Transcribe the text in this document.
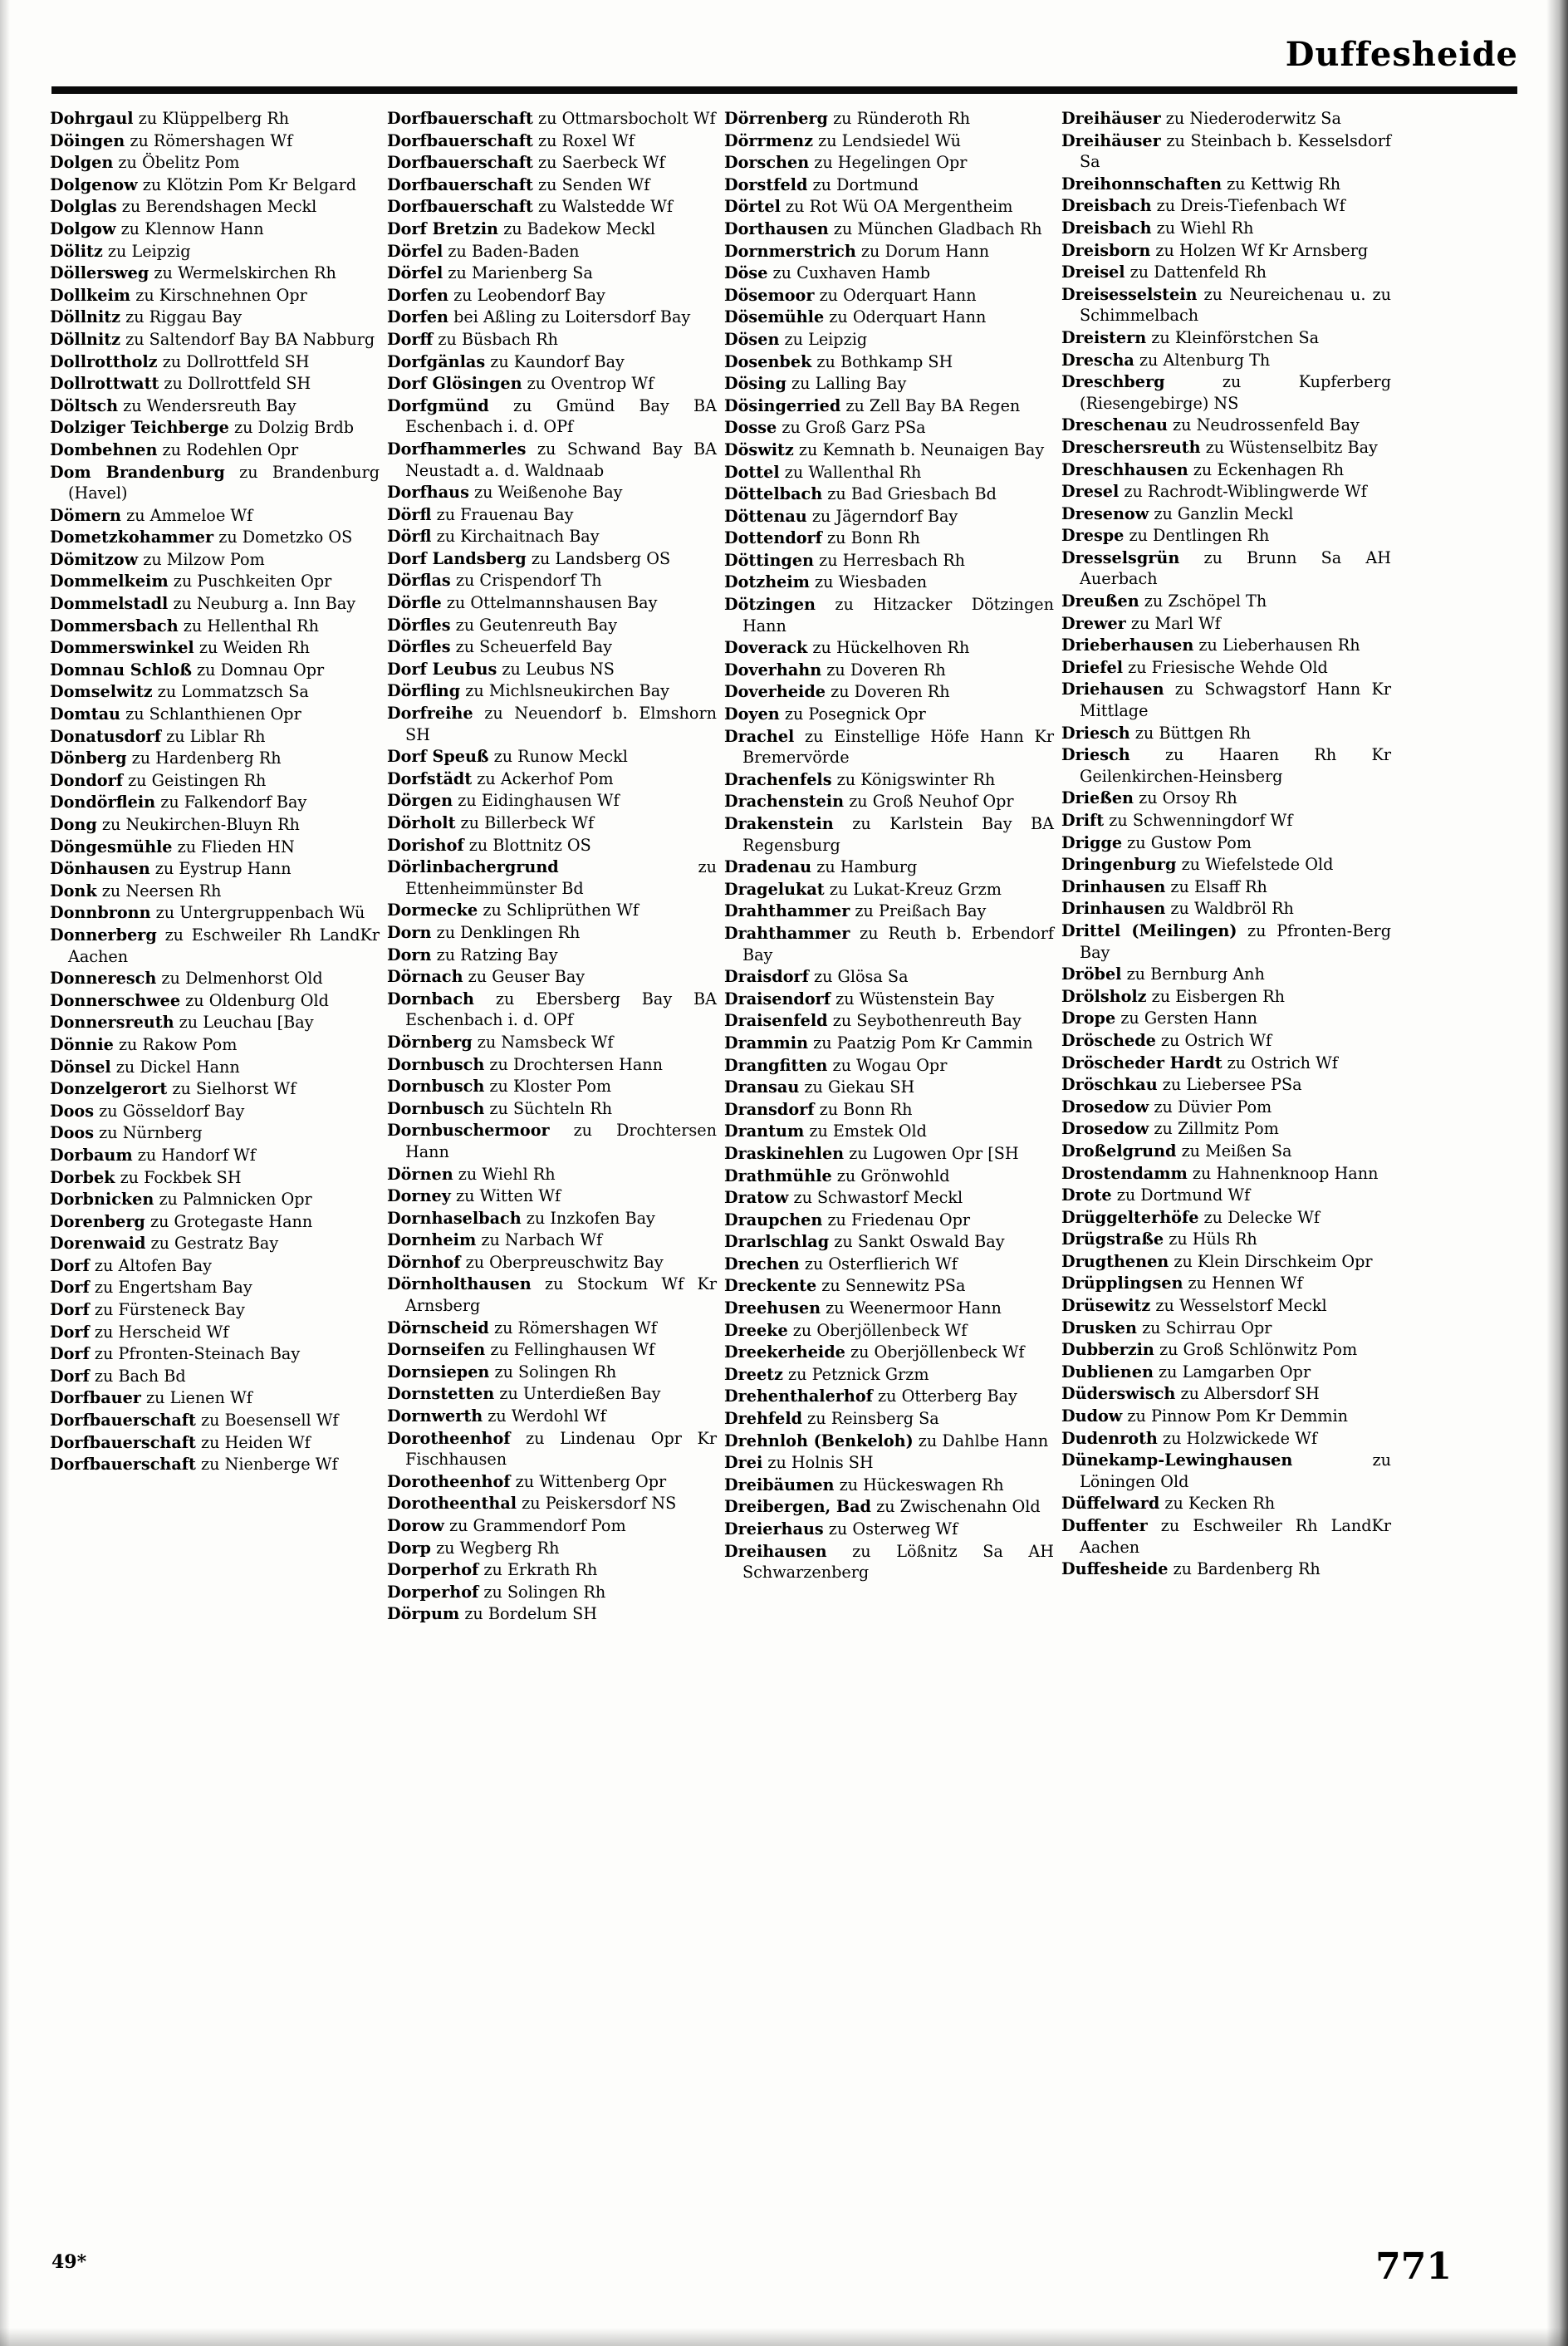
Duffesheide

Dohrgaul zu Klüppelberg Rh

Döingen zu Römershagen Wf

Dolgen zu Öbelitz Pom

Dolgenow zu Klötzin Pom Kr Belgard

Dolglas zu Berendshagen Meckl

Dolgow zu Klennow Hann

Dölitz zu Leipzig

Döllersweg zu Wermelskirchen Rh

Dollkeim zu Kirschnehnen Opr

Döllnitz zu Riggau Bay

Döllnitz zu Saltendorf Bay BA Nabburg

Dollrottholz zu Dollrottfeld SH

Dollrottwatt zu Dollrottfeld SH

Döltsch zu Wendersreuth Bay

Dolziger Teichberge zu Dolzig Brdb

Dombehnen zu Rodehlen Opr

Dom Brandenburg zu Brandenburg (Havel)

Dömern zu Ammeloe Wf

Dometzkohammer zu Dometzko OS

Dömitzow zu Milzow Pom

Dommelkeim zu Puschkeiten Opr

Dommelstadl zu Neuburg a. Inn Bay

Dommersbach zu Hellenthal Rh

Dommerswinkel zu Weiden Rh

Domnau Schloß zu Domnau Opr

Domselwitz zu Lommatzsch Sa

Domtau zu Schlanthienen Opr

Donatusdorf zu Liblar Rh

Dönberg zu Hardenberg Rh

Dondorf zu Geistingen Rh

Dondörflein zu Falkendorf Bay

Dong zu Neukirchen-Bluyn Rh

Döngesmühle zu Flieden HN

Dönhausen zu Eystrup Hann

Donk zu Neersen Rh

Donnbronn zu Untergruppenbach Wü

Donnerberg zu Eschweiler Rh LandKr Aachen

Donneresch zu Delmenhorst Old

Donnerschwee zu Oldenburg Old

Donnersreuth zu Leuchau [Bay

Dönnie zu Rakow Pom

Dönsel zu Dickel Hann

Donzelgerort zu Sielhorst Wf

Doos zu Gösseldorf Bay

Doos zu Nürnberg

Dorbaum zu Handorf Wf

Dorbek zu Fockbek SH

Dorbnicken zu Palmnicken Opr

Dorenberg zu Grotegaste Hann

Dorenwaid zu Gestratz Bay

Dorf zu Altofen Bay

Dorf zu Engertsham Bay

Dorf zu Fürsteneck Bay

Dorf zu Herscheid Wf

Dorf zu Pfronten-Steinach Bay

Dorf zu Bach Bd

Dorfbauer zu Lienen Wf

Dorfbauerschaft zu Boesensell Wf

Dorfbauerschaft zu Heiden Wf

Dorfbauerschaft zu Nienberge Wf

Dorfbauerschaft zu Ottmarsbocholt Wf

Dorfbauerschaft zu Roxel Wf

Dorfbauerschaft zu Saerbeck Wf

Dorfbauerschaft zu Senden Wf

Dorfbauerschaft zu Walstedde Wf

Dorf Bretzin zu Badekow Meckl

Dörfel zu Baden-Baden

Dörfel zu Marienberg Sa

Dorfen zu Leobendorf Bay

Dorfen bei Aßling zu Loitersdorf Bay

Dorff zu Büsbach Rh

Dorfgänlas zu Kaundorf Bay

Dorf Glösingen zu Oventrop Wf

Dorfgmünd zu Gmünd Bay BA Eschenbach i. d. OPf

Dorfhammerles zu Schwand Bay BA Neustadt a. d. Waldnaab

Dorfhaus zu Weißenohe Bay

Dörfl zu Frauenau Bay

Dörfl zu Kirchaitnach Bay

Dorf Landsberg zu Landsberg OS

Dörflas zu Crispendorf Th

Dörfle zu Ottelmannshausen Bay

Dörfles zu Geutenreuth Bay

Dörfles zu Scheuerfeld Bay

Dorf Leubus zu Leubus NS

Dörfling zu Michlsneukirchen Bay

Dorfreihe zu Neuendorf b. Elmshorn SH

Dorf Speuß zu Runow Meckl

Dorfstädt zu Ackerhof Pom

Dörgen zu Eidinghausen Wf

Dörholt zu Billerbeck Wf

Dorishof zu Blottnitz OS

Dörlinbachergrund zu Ettenheimmünster Bd

Dormecke zu Schliprüthen Wf

Dorn zu Denklingen Rh

Dorn zu Ratzing Bay

Dörnach zu Geuser Bay

Dornbach zu Ebersberg Bay BA Eschenbach i. d. OPf

Dörnberg zu Namsbeck Wf

Dornbusch zu Drochtersen Hann

Dornbusch zu Kloster Pom

Dornbusch zu Süchteln Rh

Dornbuschermoor zu Drochtersen Hann

Dörnen zu Wiehl Rh

Dorney zu Witten Wf

Dornhaselbach zu Inzkofen Bay

Dornheim zu Narbach Wf

Dörnhof zu Oberpreuschwitz Bay

Dörnholthausen zu Stockum Wf Kr Arnsberg

Dörnscheid zu Römershagen Wf

Dornseifen zu Fellinghausen Wf

Dornsiepen zu Solingen Rh

Dornstetten zu Unterdießen Bay

Dornwerth zu Werdohl Wf

Dorotheenhof zu Lindenau Opr Kr Fischhausen

Dorotheenhof zu Wittenberg Opr

Dorotheenthal zu Peiskersdorf NS

Dorow zu Grammendorf Pom

Dorp zu Wegberg Rh

Dorperhof zu Erkrath Rh

Dorperhof zu Solingen Rh

Dörpum zu Bordelum SH

Dörrenberg zu Ründeroth Rh

Dörrmenz zu Lendsiedel Wü

Dorschen zu Hegelingen Opr

Dorstfeld zu Dortmund

Dörtel zu Rot Wü OA Mergentheim

Dorthausen zu München Gladbach Rh

Dornmerstrich zu Dorum Hann

Döse zu Cuxhaven Hamb

Dösemoor zu Oderquart Hann

Dösemühle zu Oderquart Hann

Dösen zu Leipzig

Dosenbek zu Bothkamp SH

Dösing zu Lalling Bay

Dösingerried zu Zell Bay BA Regen

Dosse zu Groß Garz PSa

Döswitz zu Kemnath b. Neunaigen Bay

Dottel zu Wallenthal Rh

Döttelbach zu Bad Griesbach Bd

Döttenau zu Jägerndorf Bay

Dottendorf zu Bonn Rh

Döttingen zu Herresbach Rh

Dotzheim zu Wiesbaden

Dötzingen zu Hitzacker Dötzingen Hann

Doverack zu Hückelhoven Rh

Doverhahn zu Doveren Rh

Doverheide zu Doveren Rh

Doyen zu Posegnick Opr

Drachel zu Einstellige Höfe Hann Kr Bremervörde

Drachenfels zu Königswinter Rh

Drachenstein zu Groß Neuhof Opr

Drakenstein zu Karlstein Bay BA Regensburg

Dradenau zu Hamburg

Dragelukat zu Lukat-Kreuz Grzm

Drahthammer zu Preißach Bay

Drahthammer zu Reuth b. Erbendorf Bay

Draisdorf zu Glösa Sa

Draisendorf zu Wüstenstein Bay

Draisenfeld zu Seybothenreuth Bay

Drammin zu Paatzig Pom Kr Cammin

Drangfitten zu Wogau Opr

Dransau zu Giekau SH

Dransdorf zu Bonn Rh

Drantum zu Emstek Old

Draskinehlen zu Lugowen Opr [SH

Drathmühle zu Grönwohld

Dratow zu Schwastorf Meckl

Draupchen zu Friedenau Opr

Drarlschlag zu Sankt Oswald Bay

Drechen zu Osterflierich Wf

Dreckente zu Sennewitz PSa

Dreehusen zu Weenermoor Hann

Dreeke zu Oberjöllenbeck Wf

Dreekerheide zu Oberjöllenbeck Wf

Dreetz zu Petznick Grzm

Drehenthalerhof zu Otterberg Bay

Drehfeld zu Reinsberg Sa

Drehnloh (Benkeloh) zu Dahlbe Hann

Drei zu Holnis SH

Dreibäumen zu Hückeswagen Rh

Dreibergen, Bad zu Zwischenahn Old

Dreierhaus zu Osterweg Wf

Dreihausen zu Lößnitz Sa AH Schwarzenberg

Dreihäuser zu Niederoderwitz Sa

Dreihäuser zu Steinbach b. Kesselsdorf Sa

Dreihonnschaften zu Kettwig Rh

Dreisbach zu Dreis-Tiefenbach Wf

Dreisbach zu Wiehl Rh

Dreisborn zu Holzen Wf Kr Arnsberg

Dreisel zu Dattenfeld Rh

Dreisesselstein zu Neureichenau u. zu Schimmelbach

Dreistern zu Kleinförstchen Sa

Drescha zu Altenburg Th

Dreschberg zu Kupferberg (Riesengebirge) NS

Dreschenau zu Neudrossenfeld Bay

Dreschersreuth zu Wüstenselbitz Bay

Dreschhausen zu Eckenhagen Rh

Dresel zu Rachrodt-Wiblingwerde Wf

Dresenow zu Ganzlin Meckl

Drespe zu Dentlingen Rh

Dresselsgrün zu Brunn Sa AH Auerbach

Dreußen zu Zschöpel Th

Drewer zu Marl Wf

Drieberhausen zu Lieberhausen Rh

Driefel zu Friesische Wehde Old

Driehausen zu Schwagstorf Hann Kr Mittlage

Driesch zu Büttgen Rh

Driesch zu Haaren Rh Kr Geilenkirchen-Heinsberg

Drießen zu Orsoy Rh

Drift zu Schwenningdorf Wf

Drigge zu Gustow Pom

Dringenburg zu Wiefelstede Old

Drinhausen zu Elsaff Rh

Drinhausen zu Waldbröl Rh

Drittel (Meilingen) zu Pfronten-Berg Bay

Dröbel zu Bernburg Anh

Drölsholz zu Eisbergen Rh

Drope zu Gersten Hann

Dröschede zu Ostrich Wf

Dröscheder Hardt zu Ostrich Wf

Dröschkau zu Liebersee PSa

Drosedow zu Düvier Pom

Drosedow zu Zillmitz Pom

Droßelgrund zu Meißen Sa

Drostendamm zu Hahnenknoop Hann

Drote zu Dortmund Wf

Drüggelterhöfe zu Delecke Wf

Drügstraße zu Hüls Rh

Drugthenen zu Klein Dirschkeim Opr

Drüpplingsen zu Hennen Wf

Drüsewitz zu Wesselstorf Meckl

Drusken zu Schirrau Opr

Dubberzin zu Groß Schlönwitz Pom

Dublienen zu Lamgarben Opr

Düderswisch zu Albersdorf SH

Dudow zu Pinnow Pom Kr Demmin

Dudenroth zu Holzwickede Wf

Dünekamp-Lewinghausen zu Löningen Old

Düffelward zu Kecken Rh

Duffenter zu Eschweiler Rh LandKr Aachen

Duffesheide zu Bardenberg Rh

49*	771
